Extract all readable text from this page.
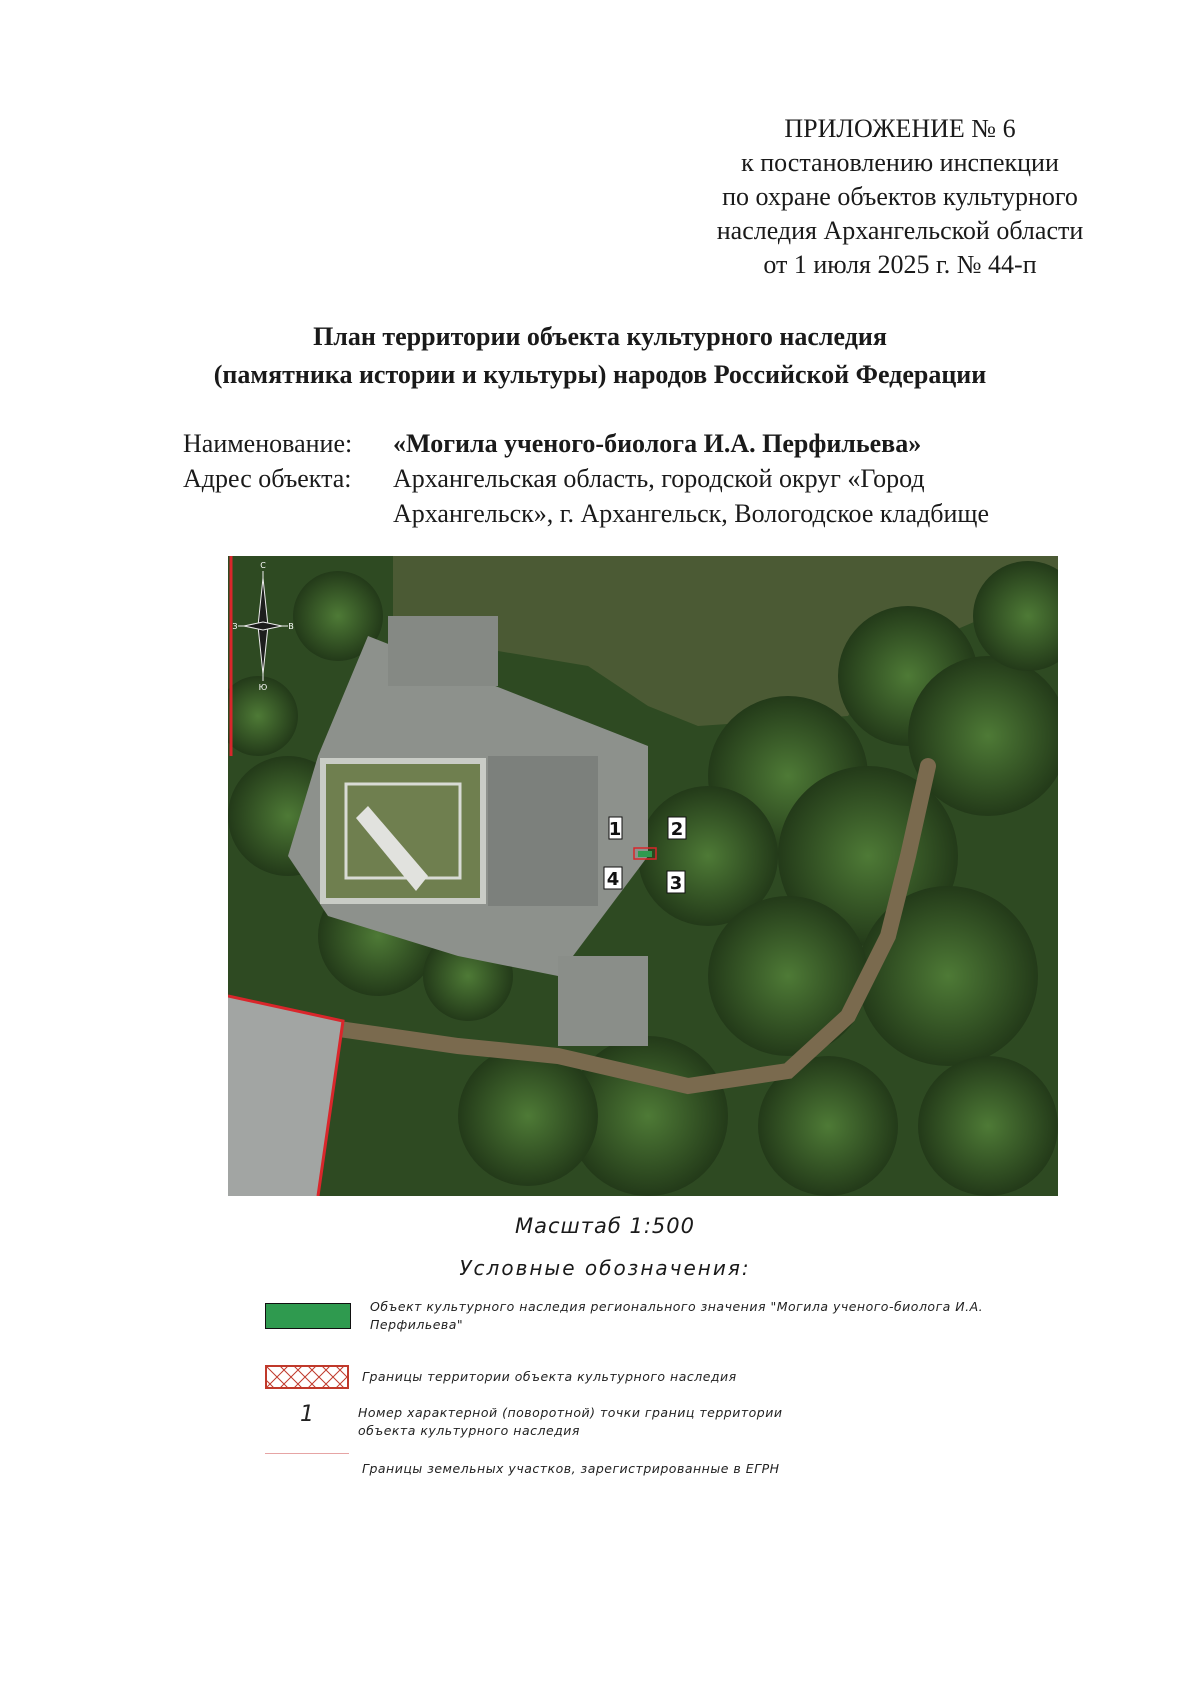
ПРИЛОЖЕНИЕ № 6
к постановлению инспекции
по охране объектов культурного
наследия Архангельской области
от 1 июля 2025 г. № 44-п
План территории объекта культурного наследия
(памятника истории и культуры) народов Российской Федерации
Наименование: «Могила ученого-биолога И.А. Перфильева»
Адрес объекта: Архангельская область, городской округ «Город
Архангельск», г. Архангельск, Вологодское кладбище
С
Ю
З	В
1	2
3
4
Масштаб 1:500
Условные обозначения:
Объект культурного наследия регионального значения "Могила ученого-биолога И.А.
Перфильева"
Границы территории объекта культурного наследия
1	Номер характерной (поворотной) точки границ территории
объекта культурного наследия
Границы земельных участков, зарегистрированные в ЕГРН
